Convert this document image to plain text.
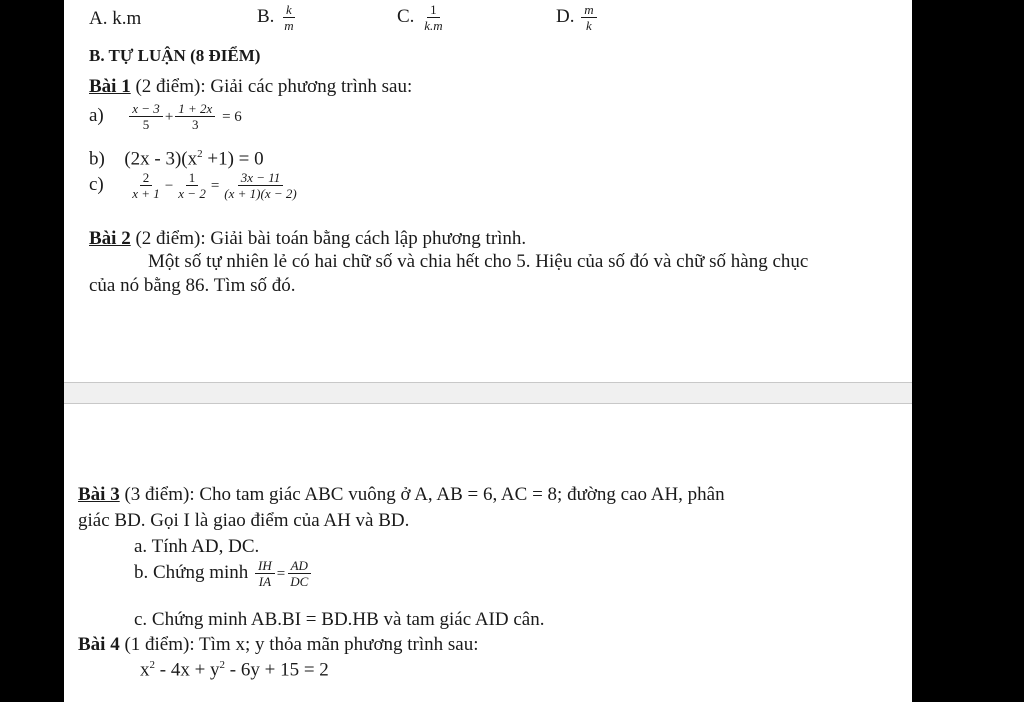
A. k.m	B. $\frac{k}{m}$	C. $\frac{1}{k.m}$	D. $\frac{m}{k}$
B. TỰ LUẬN (8 ĐIỂM)
Bài 1 (2 điểm): Giải các phương trình sau:
$a) \frac{x - 3}{5} + \frac{1 + 2x}{3} = 6$
b) $(2x - 3)(x^2 +1) = 0$
$c) \frac{2}{x + 1} - \frac{1}{x - 2} = \frac{3x - 11}{(x + 1)(x - 2)}$
Bài 2 (2 điểm): Giải bài toán bằng cách lập phương trình.
Một số tự nhiên lẻ có hai chữ số và chia hết cho 5. Hiệu của số đó và chữ số hàng chục
của nó bằng 86. Tìm số đó.
Bài 3 (3 điểm): Cho tam giác ABC vuông ở A, AB = 6, AC = 8; đường cao AH, phân
giác BD. Gọi I là giao điểm của AH và BD.
a. Tính AD, DC.
b. Chứng minh $\frac{IH}{IA} = \frac{AD}{DC}$
c. Chứng minh AB.BI = BD.HB và tam giác AID cân.
Bài 4 (1 điểm): Tìm x; y thỏa mãn phương trình sau:
$x^2 - 4x + y^2 - 6y + 15 = 2$
